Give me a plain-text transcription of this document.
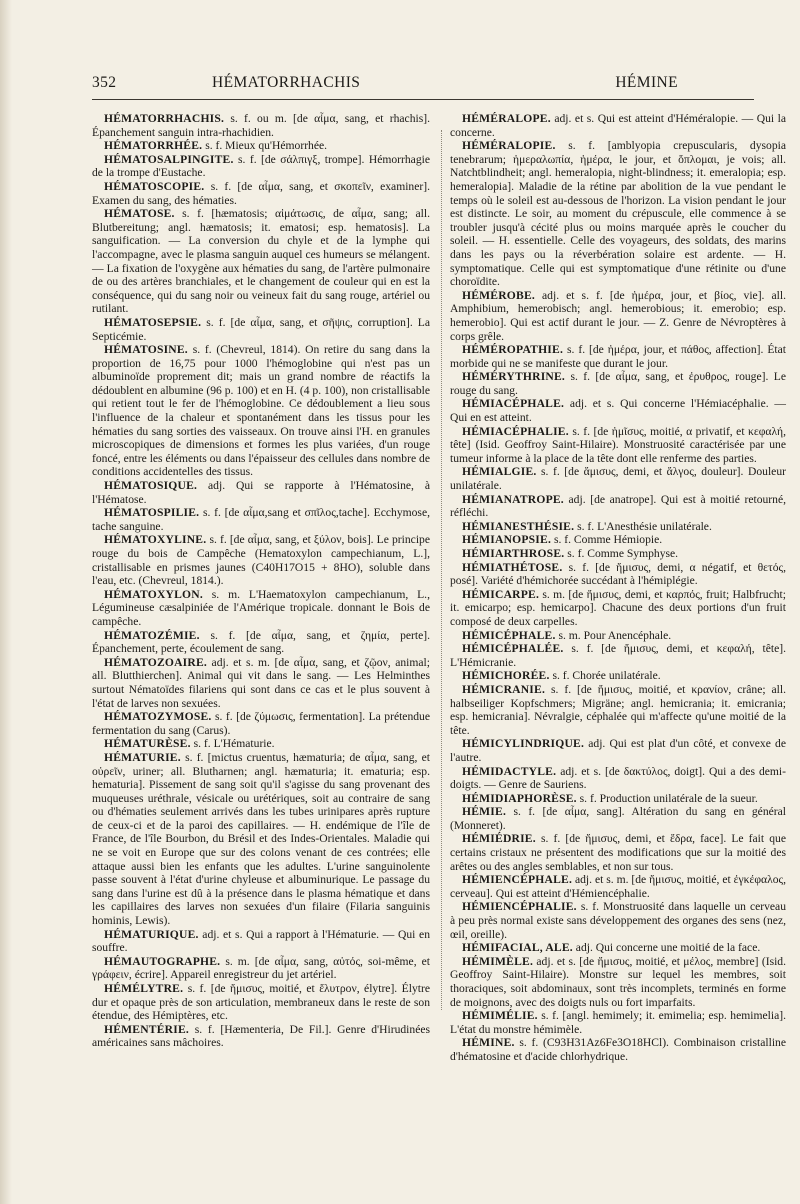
352	HÉMATORRHACHIS	HÉMINE

HÉMATORRHACHIS. s. f. ou m. [de αἷμα, sang, et rhachis]. Épanchement sanguin intra-rhachidien.

HÉMATORRHÉE. s. f. Mieux qu'Hémorrhée.

HÉMATOSALPINGITE. s. f. [de σάλπιγξ, trompe]. Hémorrhagie de la trompe d'Eustache.

HÉMATOSCOPIE. s. f. [de αἷμα, sang, et σκοπεῖν, examiner]. Examen du sang, des hématies.

HÉMATOSE. s. f. [hæmatosis; αἱμάτωσις, de αἷμα, sang; all. Blutbereitung; angl. hæmatosis; it. ematosi; esp. hematosis]. La sanguification. — La conversion du chyle et de la lymphe qui l'accompagne, avec le plasma sanguin auquel ces humeurs se mélangent. — La fixation de l'oxygène aux hématies du sang, de l'artère pulmonaire de ou des artères branchiales, et le changement de couleur qui en est la conséquence, qui du sang noir ou veineux fait du sang rouge, artériel ou rutilant.

HÉMATOSEPSIE. s. f. [de αἷμα, sang, et σῆψις, corruption]. La Septicémie.

HÉMATOSINE. s. f. (Chevreul, 1814). On retire du sang dans la proportion de 16,75 pour 1000 l'hémoglobine qui n'est pas un albuminoïde proprement dit; mais un grand nombre de réactifs la dédoublent en albumine (96 p. 100) et en H. (4 p. 100), non cristallisable qui retient tout le fer de l'hémoglobine. Ce dédoublement a lieu sous l'influence de la chaleur et spontanément dans les tissus pour les hématies du sang sorties des vaisseaux. On trouve ainsi l'H. en granules microscopiques de dimensions et formes les plus variées, d'un rouge foncé, entre les éléments ou dans l'épaisseur des cellules dans nombre de conditions accidentelles des tissus.

HÉMATOSIQUE. adj. Qui se rapporte à l'Hématosine, à l'Hématose.

HÉMATOSPILIE. s. f. [de αἷμα,sang et σπῖλος,tache]. Ecchymose, tache sanguine.

HÉMATOXYLINE. s. f. [de αἷμα, sang, et ξύλον, bois]. Le principe rouge du bois de Campêche (Hematoxylon campechianum, L.], cristallisable en prismes jaunes (C40H17O15 + 8HO), soluble dans l'eau, etc. (Chevreul, 1814.).

HÉMATOXYLON. s. m. L'Haematoxylon campechianum, L., Légumineuse cæsalpiniée de l'Amérique tropicale. donnant le Bois de campêche.

HÉMATOZÉMIE. s. f. [de αἷμα, sang, et ζημία, perte]. Épanchement, perte, écoulement de sang.

HÉMATOZOAIRE. adj. et s. m. [de αἷμα, sang, et ζῷον, animal; all. Blutthierchen]. Animal qui vit dans le sang. — Les Helminthes surtout Nématoïdes filariens qui sont dans ce cas et le plus souvent à l'état de larves non sexuées.

HÉMATOZYMOSE. s. f. [de ζύμωσις, fermentation]. La prétendue fermentation du sang (Carus).

HÉMATURÈSE. s. f. L'Hématurie.

HÉMATURIE. s. f. [mictus cruentus, hæmaturia; de αἷμα, sang, et οὐρεῖν, uriner; all. Blutharnen; angl. hæmaturia; it. ematuria; esp. hematuria]. Pissement de sang soit qu'il s'agisse du sang provenant des muqueuses uréthrale, vésicale ou urétériques, soit au contraire de sang ou d'hématies seulement arrivés dans les tubes urinipares après rupture de ceux-ci et de la paroi des capillaires. — H. endémique de l'île de France, de l'île Bourbon, du Brésil et des Indes-Orientales. Maladie qui ne se voit en Europe que sur des colons venant de ces contrées; elle attaque aussi bien les enfants que les adultes. L'urine sanguinolente passe souvent à l'état d'urine chyleuse et albuminurique. Le passage du sang dans l'urine est dû à la présence dans le plasma hématique et dans les capillaires des larves non sexuées d'un filaire (Filaria sanguinis hominis, Lewis).

HÉMATURIQUE. adj. et s. Qui a rapport à l'Hématurie. — Qui en souffre.

HÉMAUTOGRAPHE. s. m. [de αἷμα, sang, αὐτός, soi-même, et γράφειν, écrire]. Appareil enregistreur du jet artériel.

HÉMÉLYTRE. s. f. [de ἥμισυς, moitié, et ἔλυτρον, élytre]. Élytre dur et opaque près de son articulation, membraneux dans le reste de son étendue, des Hémiptères, etc.

HÉMENTÉRIE. s. f. [Hæmenteria, De Fil.]. Genre d'Hirudinées américaines sans mâchoires.

HÉMÉRALOPE. adj. et s. Qui est atteint d'Héméralopie. — Qui la concerne.

HÉMÉRALOPIE. s. f. [amblyopia crepuscularis, dysopia tenebrarum; ἡμεραλωπία, ἡμέρα, le jour, et ὅπλομαι, je vois; all. Natchtblindheit; angl. hemeralopia, night-blindness; it. emeralopia; esp. hemeralopia]. Maladie de la rétine par abolition de la vue pendant le temps où le soleil est au-dessous de l'horizon. La vision pendant le jour est distincte. Le soir, au moment du crépuscule, elle commence à se troubler jusqu'à cécité plus ou moins marquée après le coucher du soleil. — H. essentielle. Celle des voyageurs, des soldats, des marins dans les pays ou la réverbération solaire est ardente. — H. symptomatique. Celle qui est symptomatique d'une rétinite ou d'une choroïdite.

HÉMÉROBE. adj. et s. f. [de ἡμέρα, jour, et βίος, vie]. all. Amphibium, hemerobisch; angl. hemerobious; it. emerobio; esp. hemerobio]. Qui est actif durant le jour. — Z. Genre de Névroptères à corps grêle.

HÉMÉROPATHIE. s. f. [de ἡμέρα, jour, et πάθος, affection]. État morbide qui ne se manifeste que durant le jour.

HÉMÉRYTHRINE. s. f. [de αἷμα, sang, et ἐρυθρος, rouge]. Le rouge du sang.

HÉMIACÉPHALE. adj. et s. Qui concerne l'Hémiacéphalie. — Qui en est atteint.

HÉMIACÉPHALIE. s. f. [de ἡμῖσυς, moitié, α privatif, et κεφαλή, tête] (Isid. Geoffroy Saint-Hilaire). Monstruosité caractérisée par une tumeur informe à la place de la tête dont elle renferme des parties.

HÉMIALGIE. s. f. [de ἅμισυς, demi, et ἄλγος, douleur]. Douleur unilatérale.

HÉMIANATROPE. adj. [de anatrope]. Qui est à moitié retourné, réfléchi.

HÉMIANESTHÉSIE. s. f. L'Anesthésie unilatérale.

HÉMIANOPSIE. s. f. Comme Hémiopie.

HÉMIARTHROSE. s. f. Comme Symphyse.

HÉMIATHÉTOSE. s. f. [de ἥμισυς, demi, α négatif, et θετός, posé]. Variété d'hémichorée succédant à l'hémiplégie.

HÉMICARPE. s. m. [de ἥμισυς, demi, et καρπός, fruit; Halbfrucht; it. emicarpo; esp. hemicarpo]. Chacune des deux portions d'un fruit composé de deux carpelles.

HÉMICÉPHALE. s. m. Pour Anencéphale.

HÉMICÉPHALÉE. s. f. [de ἥμισυς, demi, et κεφαλή, tête]. L'Hémicranie.

HÉMICHORÉE. s. f. Chorée unilatérale.

HÉMICRANIE. s. f. [de ἥμισυς, moitié, et κρανίον, crâne; all. halbseiliger Kopfschmers; Migräne; angl. hemicrania; it. emicrania; esp. hemicrania]. Névralgie, céphalée qui m'affecte qu'une moitié de la tête.

HÉMICYLINDRIQUE. adj. Qui est plat d'un côté, et convexe de l'autre.

HÉMIDACTYLE. adj. et s. [de δακτύλος, doigt]. Qui a des demi-doigts. — Genre de Sauriens.

HÉMIDIAPHORÈSE. s. f. Production unilatérale de la sueur.

HÉMIE. s. f. [de αἷμα, sang]. Altération du sang en général (Monneret).

HÉMIÉDRIE. s. f. [de ἥμισυς, demi, et ἕδρα, face]. Le fait que certains cristaux ne présentent des modifications que sur la moitié des arêtes ou des angles semblables, et non sur tous.

HÉMIENCÉPHALE. adj. et s. m. [de ἥμισυς, moitié, et ἐγκέφαλος, cerveau]. Qui est atteint d'Hémiencéphalie.

HÉMIENCÉPHALIE. s. f. Monstruosité dans laquelle un cerveau à peu près normal existe sans développement des organes des sens (nez, œil, oreille).

HÉMIFACIAL, ALE. adj. Qui concerne une moitié de la face.

HÉMIMÈLE. adj. et s. [de ἥμισυς, moitié, et μέλος, membre] (Isid. Geoffroy Saint-Hilaire). Monstre sur lequel les membres, soit thoraciques, soit abdominaux, sont très incomplets, terminés en forme de moignons, avec des doigts nuls ou fort imparfaits.

HÉMIMÉLIE. s. f. [angl. hemimely; it. emimelia; esp. hemimelia]. L'état du monstre hémimèle.

HÉMINE. s. f. (C93H31Az6Fe3O18HCl). Combinaison cristalline d'hématosine et d'acide chlorhydrique.
